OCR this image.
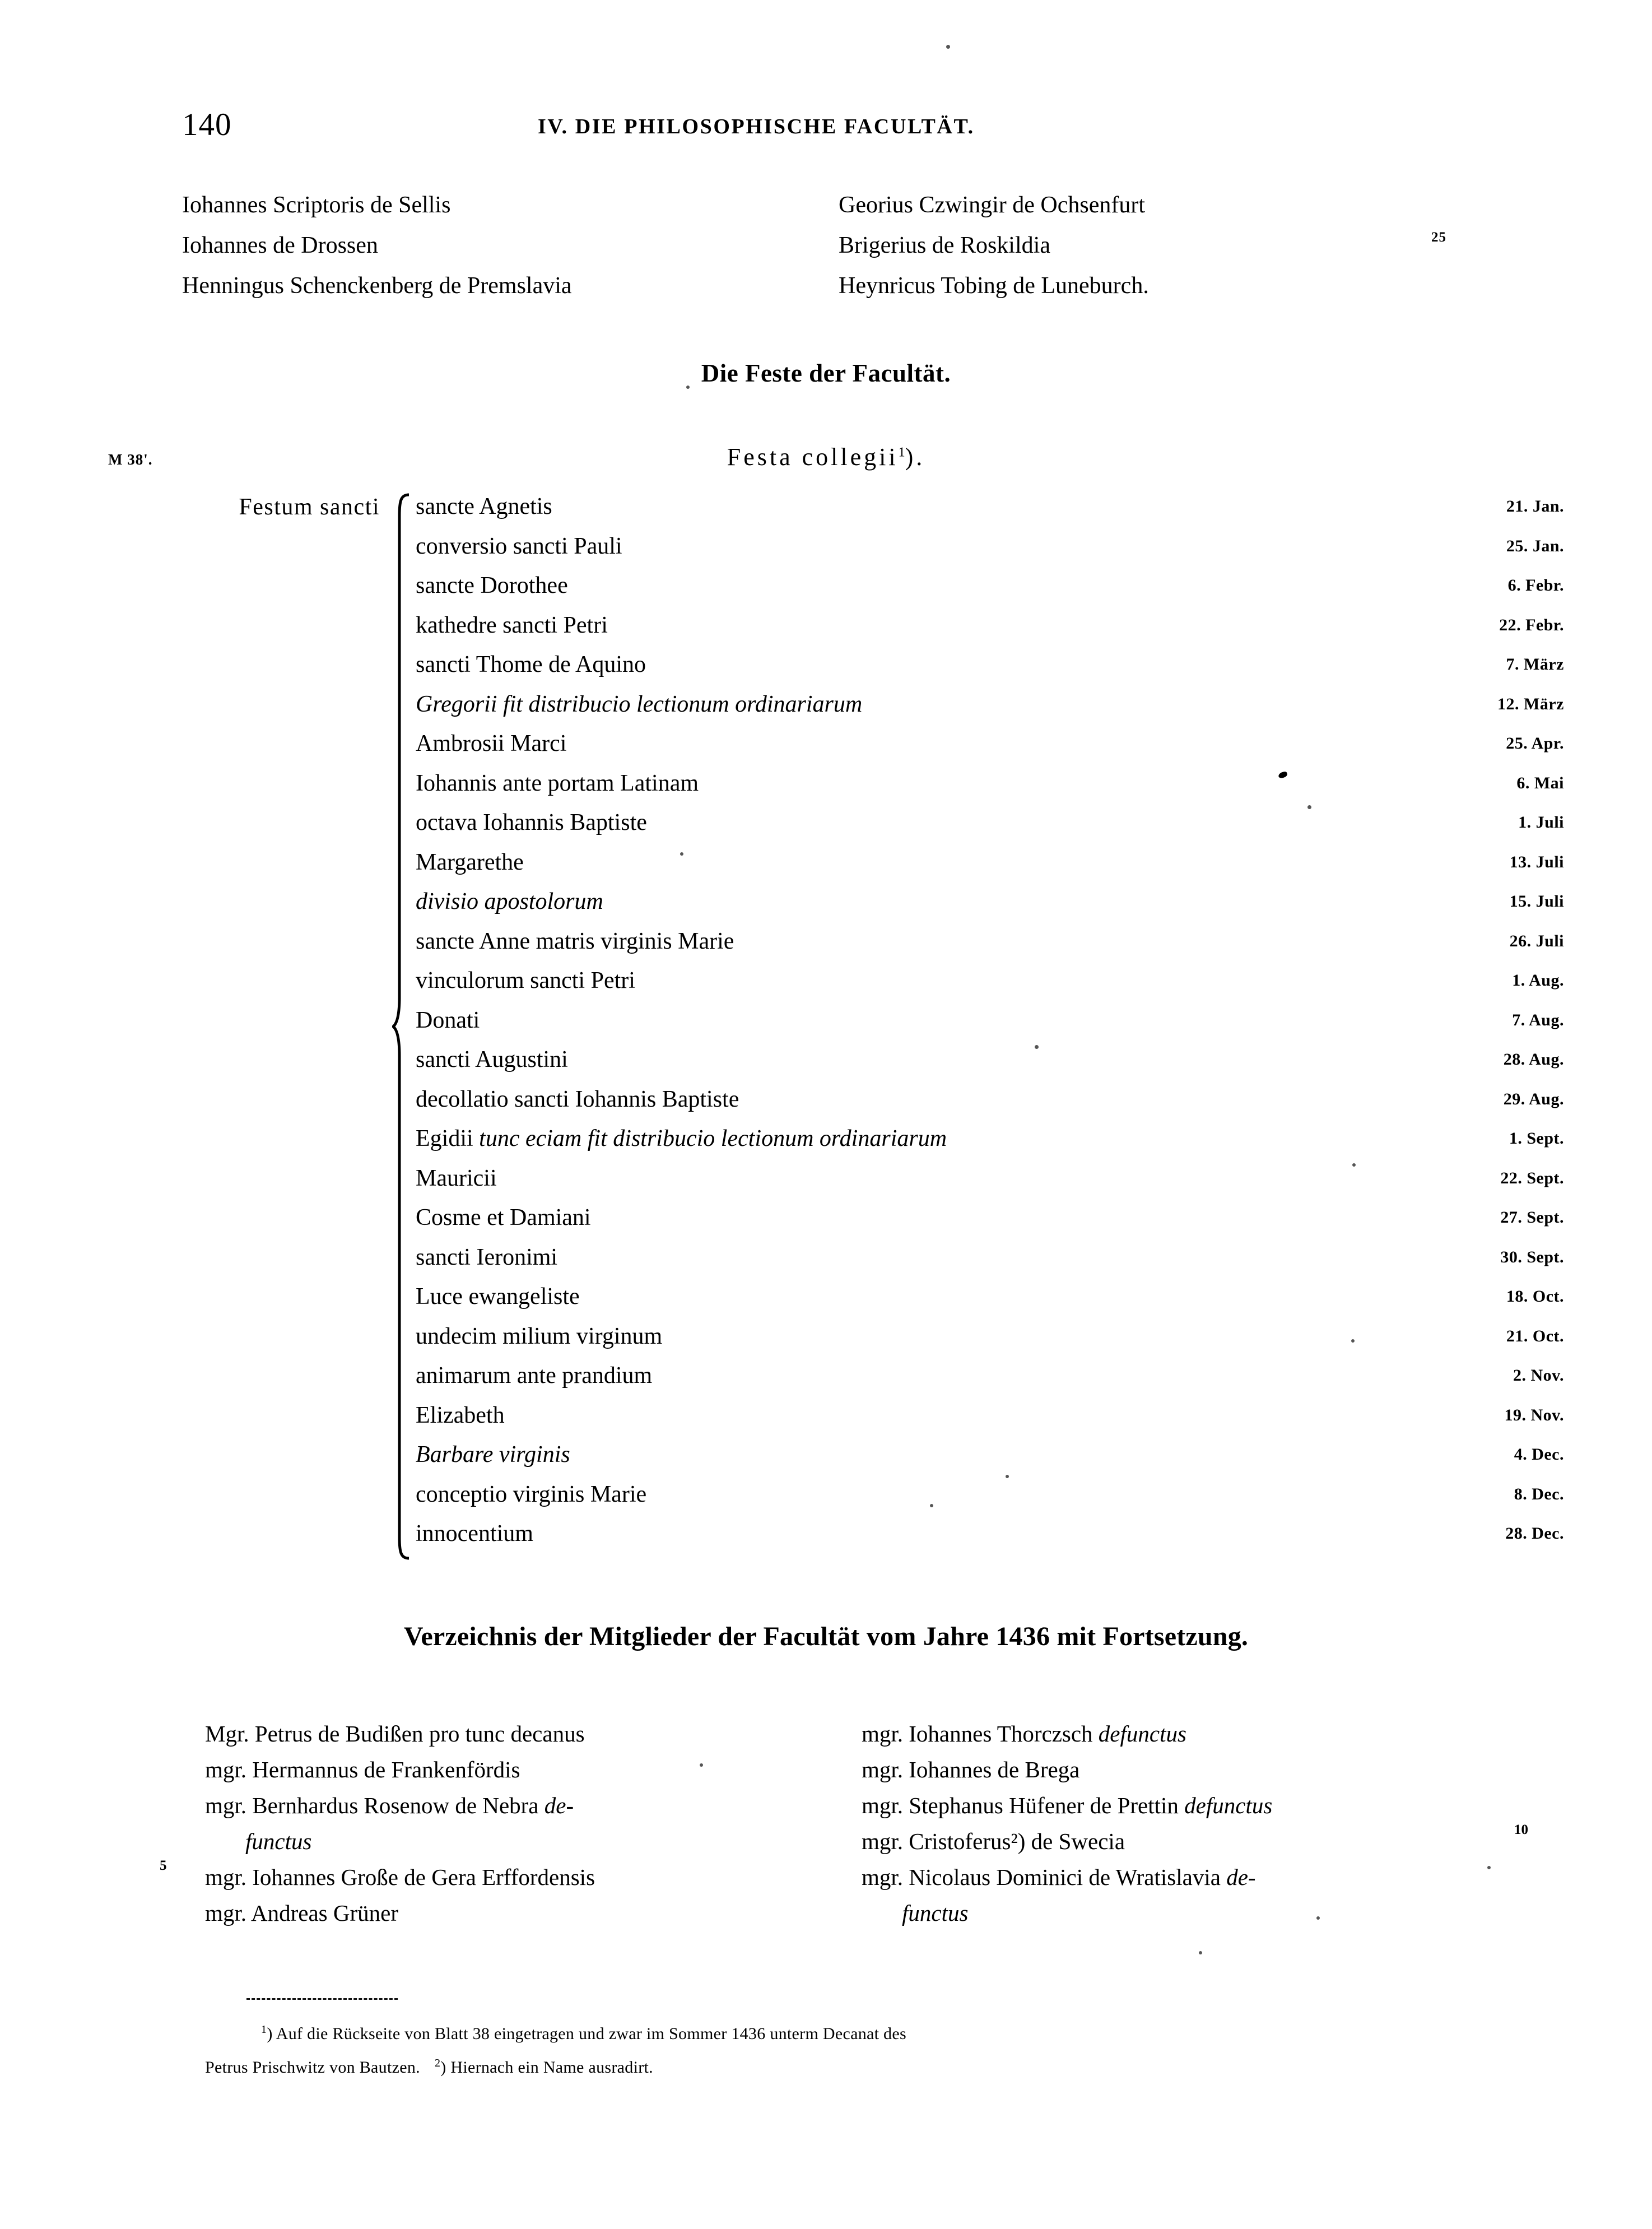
140	IV. DIE PHILOSOPHISCHE FACULTÄT.
Iohannes Scriptoris de Sellis
Iohannes de Drossen
Henningus Schenckenberg de Premslavia
Georius Czwingir de Ochsenfurt
Brigerius de Roskildia
Heynricus Tobing de Luneburch.
25
Die Feste der Facultät.
Festa collegii$^1$).
M 38'.
Festum sancti sancte Agnetis	21. Jan.
conversio sancti Pauli	25. Jan.
sancte Dorothee	6. Febr.
kathedre sancti Petri	22. Febr.
sancti Thome de Aquino	7. März
Gregorii fit distribucio lectionum ordinariarum	12. März
Ambrosii Marci	25. Apr.
Iohannis ante portam Latinam	6. Mai
octava Iohannis Baptiste	1. Juli
Margarethe	13. Juli
divisio apostolorum	15. Juli
sancte Anne matris virginis Marie	26. Juli
vinculorum sancti Petri	1. Aug.
Donati	7. Aug.
sancti Augustini	28. Aug.
decollatio sancti Iohannis Baptiste	29. Aug.
Egidii tunc eciam fit distribucio lectionum ordinariarum	1. Sept.
Mauricii	22. Sept.
Cosme et Damiani	27. Sept.
sancti Ieronimi	30. Sept.
Luce ewangeliste	18. Oct.
undecim milium virginum	21. Oct.
animarum ante prandium	2. Nov.
Elizabeth	19. Nov.
Barbare virginis	4. Dec.
conceptio virginis Marie	8. Dec.
innocentium	28. Dec.
Verzeichnis der Mitglieder der Facultät vom Jahre 1436 mit Fortsetzung.

Mgr. Petrus de Budißen pro tunc decanus

mgr. Hermannus de Frankenfördis

mgr. Bernhardus Rosenow de Nebra de-
functus

mgr. Iohannes Große de Gera Erffordensis

mgr. Andreas Grüner

mgr. Iohannes Thorczsch defunctus

mgr. Iohannes de Brega

mgr. Stephanus Hüfener de Prettin defunctus

mgr. Cristoferus²) de Swecia

mgr. Nicolaus Dominici de Wratislavia de-
functus

5
10

$^1$) Auf die Rückseite von Blatt 38 eingetragen und zwar im Sommer 1436 unterm Decanat des

Petrus Prischwitz von Bautzen. $^2$) Hiernach ein Name ausradirt.
